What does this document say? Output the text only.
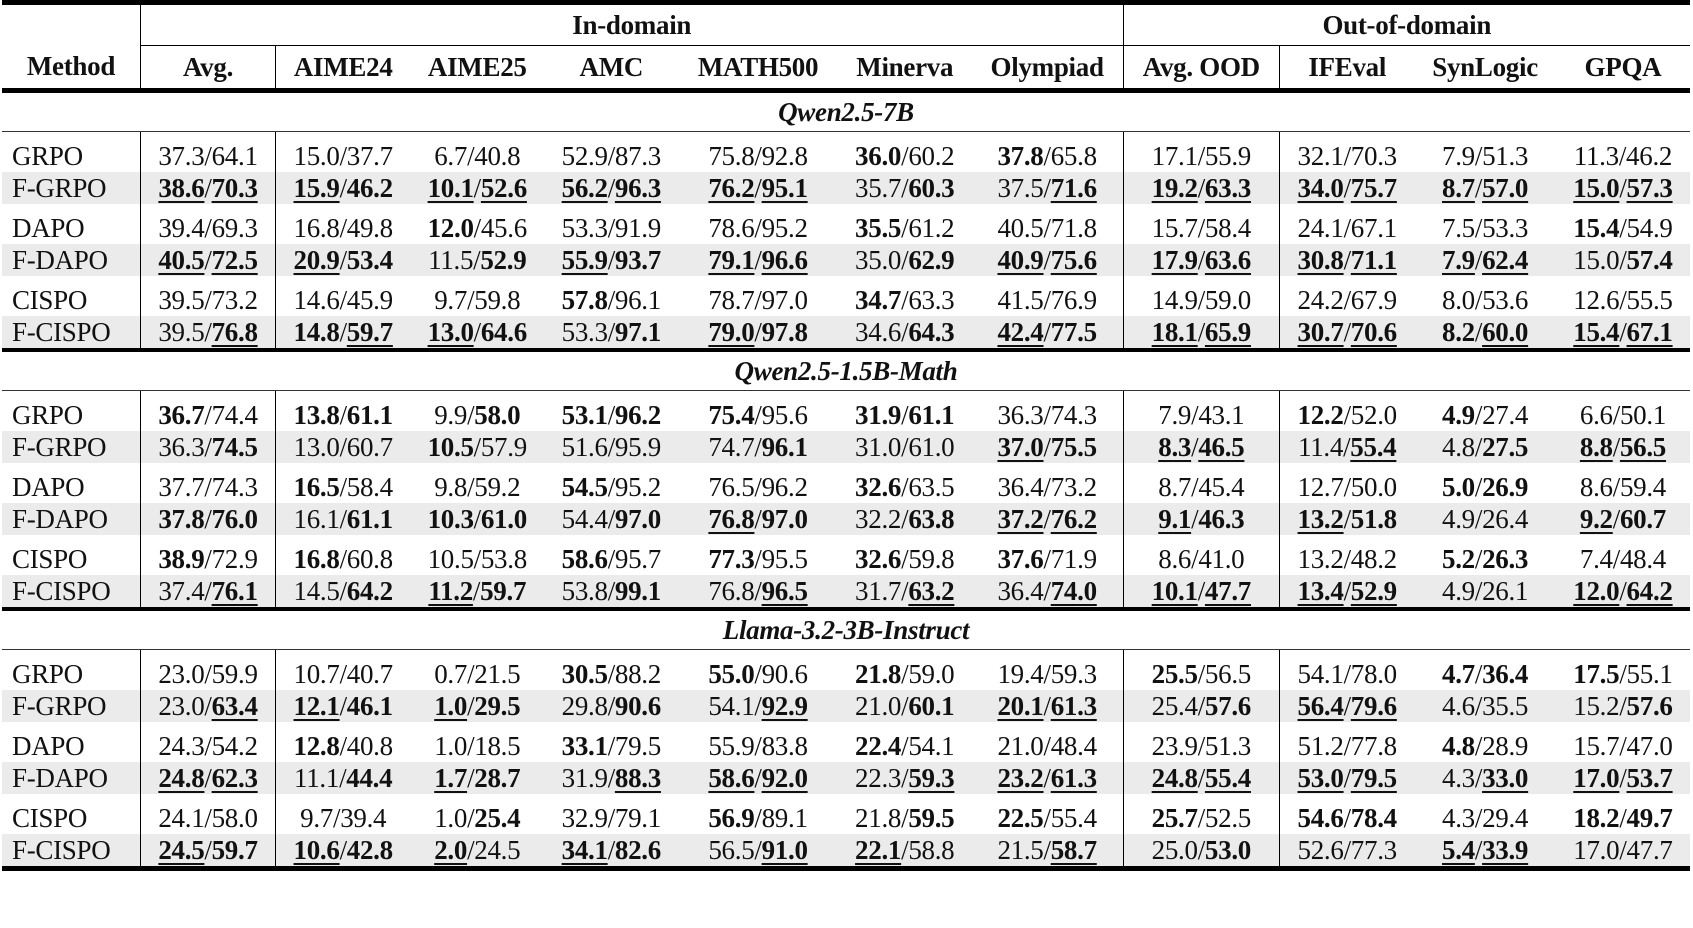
	In-domain							Out-of-domain			
Method	Avg.	AIME24	AIME25	AMC	MATH500	Minerva	Olympiad	Avg. OOD	IFEval	SynLogic	GPQA
Qwen2.5-7B											
GRPO	37.3/64.1	15.0/37.7	6.7/40.8	52.9/87.3	75.8/92.8	36.0/60.2	37.8/65.8	17.1/55.9	32.1/70.3	7.9/51.3	11.3/46.2
F-GRPO	38.6/70.3	15.9/46.2	10.1/52.6	56.2/96.3	76.2/95.1	35.7/60.3	37.5/71.6	19.2/63.3	34.0/75.7	8.7/57.0	15.0/57.3
DAPO	39.4/69.3	16.8/49.8	12.0/45.6	53.3/91.9	78.6/95.2	35.5/61.2	40.5/71.8	15.7/58.4	24.1/67.1	7.5/53.3	15.4/54.9
F-DAPO	40.5/72.5	20.9/53.4	11.5/52.9	55.9/93.7	79.1/96.6	35.0/62.9	40.9/75.6	17.9/63.6	30.8/71.1	7.9/62.4	15.0/57.4
CISPO	39.5/73.2	14.6/45.9	9.7/59.8	57.8/96.1	78.7/97.0	34.7/63.3	41.5/76.9	14.9/59.0	24.2/67.9	8.0/53.6	12.6/55.5
F-CISPO	39.5/76.8	14.8/59.7	13.0/64.6	53.3/97.1	79.0/97.8	34.6/64.3	42.4/77.5	18.1/65.9	30.7/70.6	8.2/60.0	15.4/67.1
Qwen2.5-1.5B-Math											
GRPO	36.7/74.4	13.8/61.1	9.9/58.0	53.1/96.2	75.4/95.6	31.9/61.1	36.3/74.3	7.9/43.1	12.2/52.0	4.9/27.4	6.6/50.1
F-GRPO	36.3/74.5	13.0/60.7	10.5/57.9	51.6/95.9	74.7/96.1	31.0/61.0	37.0/75.5	8.3/46.5	11.4/55.4	4.8/27.5	8.8/56.5
DAPO	37.7/74.3	16.5/58.4	9.8/59.2	54.5/95.2	76.5/96.2	32.6/63.5	36.4/73.2	8.7/45.4	12.7/50.0	5.0/26.9	8.6/59.4
F-DAPO	37.8/76.0	16.1/61.1	10.3/61.0	54.4/97.0	76.8/97.0	32.2/63.8	37.2/76.2	9.1/46.3	13.2/51.8	4.9/26.4	9.2/60.7
CISPO	38.9/72.9	16.8/60.8	10.5/53.8	58.6/95.7	77.3/95.5	32.6/59.8	37.6/71.9	8.6/41.0	13.2/48.2	5.2/26.3	7.4/48.4
F-CISPO	37.4/76.1	14.5/64.2	11.2/59.7	53.8/99.1	76.8/96.5	31.7/63.2	36.4/74.0	10.1/47.7	13.4/52.9	4.9/26.1	12.0/64.2
Llama-3.2-3B-Instruct											
GRPO	23.0/59.9	10.7/40.7	0.7/21.5	30.5/88.2	55.0/90.6	21.8/59.0	19.4/59.3	25.5/56.5	54.1/78.0	4.7/36.4	17.5/55.1
F-GRPO	23.0/63.4	12.1/46.1	1.0/29.5	29.8/90.6	54.1/92.9	21.0/60.1	20.1/61.3	25.4/57.6	56.4/79.6	4.6/35.5	15.2/57.6
DAPO	24.3/54.2	12.8/40.8	1.0/18.5	33.1/79.5	55.9/83.8	22.4/54.1	21.0/48.4	23.9/51.3	51.2/77.8	4.8/28.9	15.7/47.0
F-DAPO	24.8/62.3	11.1/44.4	1.7/28.7	31.9/88.3	58.6/92.0	22.3/59.3	23.2/61.3	24.8/55.4	53.0/79.5	4.3/33.0	17.0/53.7
CISPO	24.1/58.0	9.7/39.4	1.0/25.4	32.9/79.1	56.9/89.1	21.8/59.5	22.5/55.4	25.7/52.5	54.6/78.4	4.3/29.4	18.2/49.7
F-CISPO	24.5/59.7	10.6/42.8	2.0/24.5	34.1/82.6	56.5/91.0	22.1/58.8	21.5/58.7	25.0/53.0	52.6/77.3	5.4/33.9	17.0/47.7
